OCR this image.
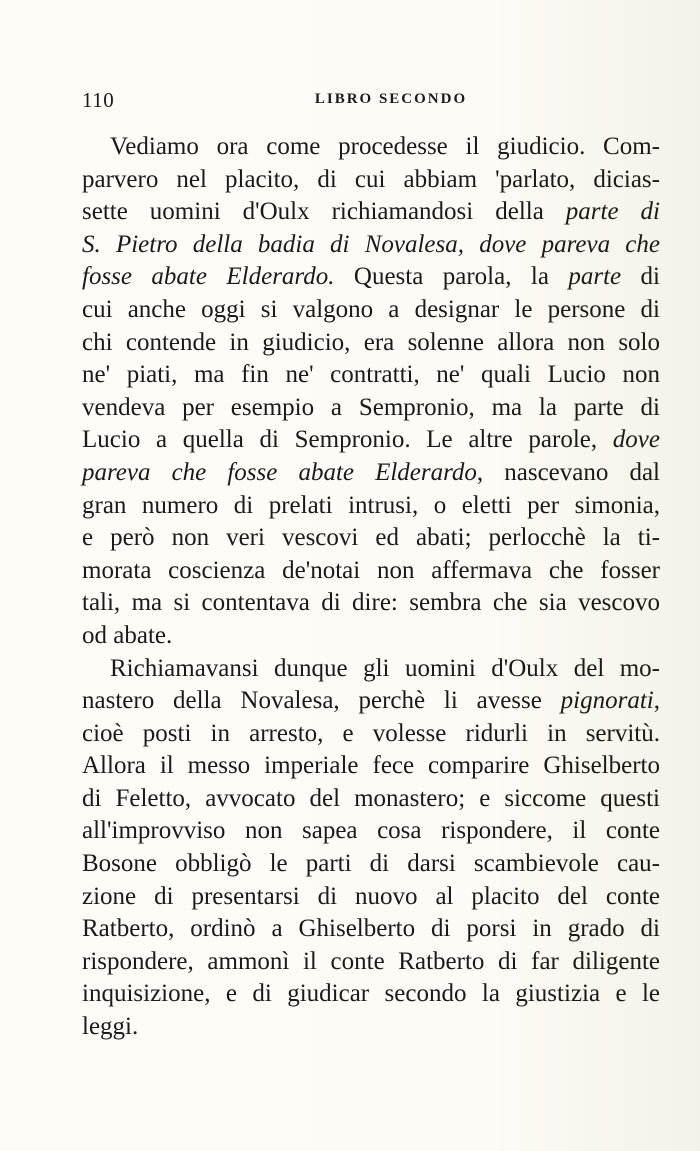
110	LIBRO SECONDO
Vediamo ora come procedesse il giudicio. Com-
parvero nel placito, di cui abbiam 'parlato, dicias-
sette uomini d'Oulx richiamandosi della parte di
S. Pietro della badia di Novalesa, dove pareva che
fosse abate Elderardo. Questa parola, la parte di
cui anche oggi si valgono a designar le persone di
chi contende in giudicio, era solenne allora non solo
ne' piati, ma fin ne' contratti, ne' quali Lucio non
vendeva per esempio a Sempronio, ma la parte di
Lucio a quella di Sempronio. Le altre parole, dove
pareva che fosse abate Elderardo, nascevano dal
gran numero di prelati intrusi, o eletti per simonia,
e però non veri vescovi ed abati; perlocchè la ti-
morata coscienza de'notai non affermava che fosser
tali, ma si contentava di dire: sembra che sia vescovo
od abate.
Richiamavansi dunque gli uomini d'Oulx del mo-
nastero della Novalesa, perchè li avesse pignorati,
cioè posti in arresto, e volesse ridurli in servitù.
Allora il messo imperiale fece comparire Ghiselberto
di Feletto, avvocato del monastero; e siccome questi
all'improvviso non sapea cosa rispondere, il conte
Bosone obbligò le parti di darsi scambievole cau-
zione di presentarsi di nuovo al placito del conte
Ratberto, ordinò a Ghiselberto di porsi in grado di
rispondere, ammonì il conte Ratberto di far diligente
inquisizione, e di giudicar secondo la giustizia e le
leggi.
